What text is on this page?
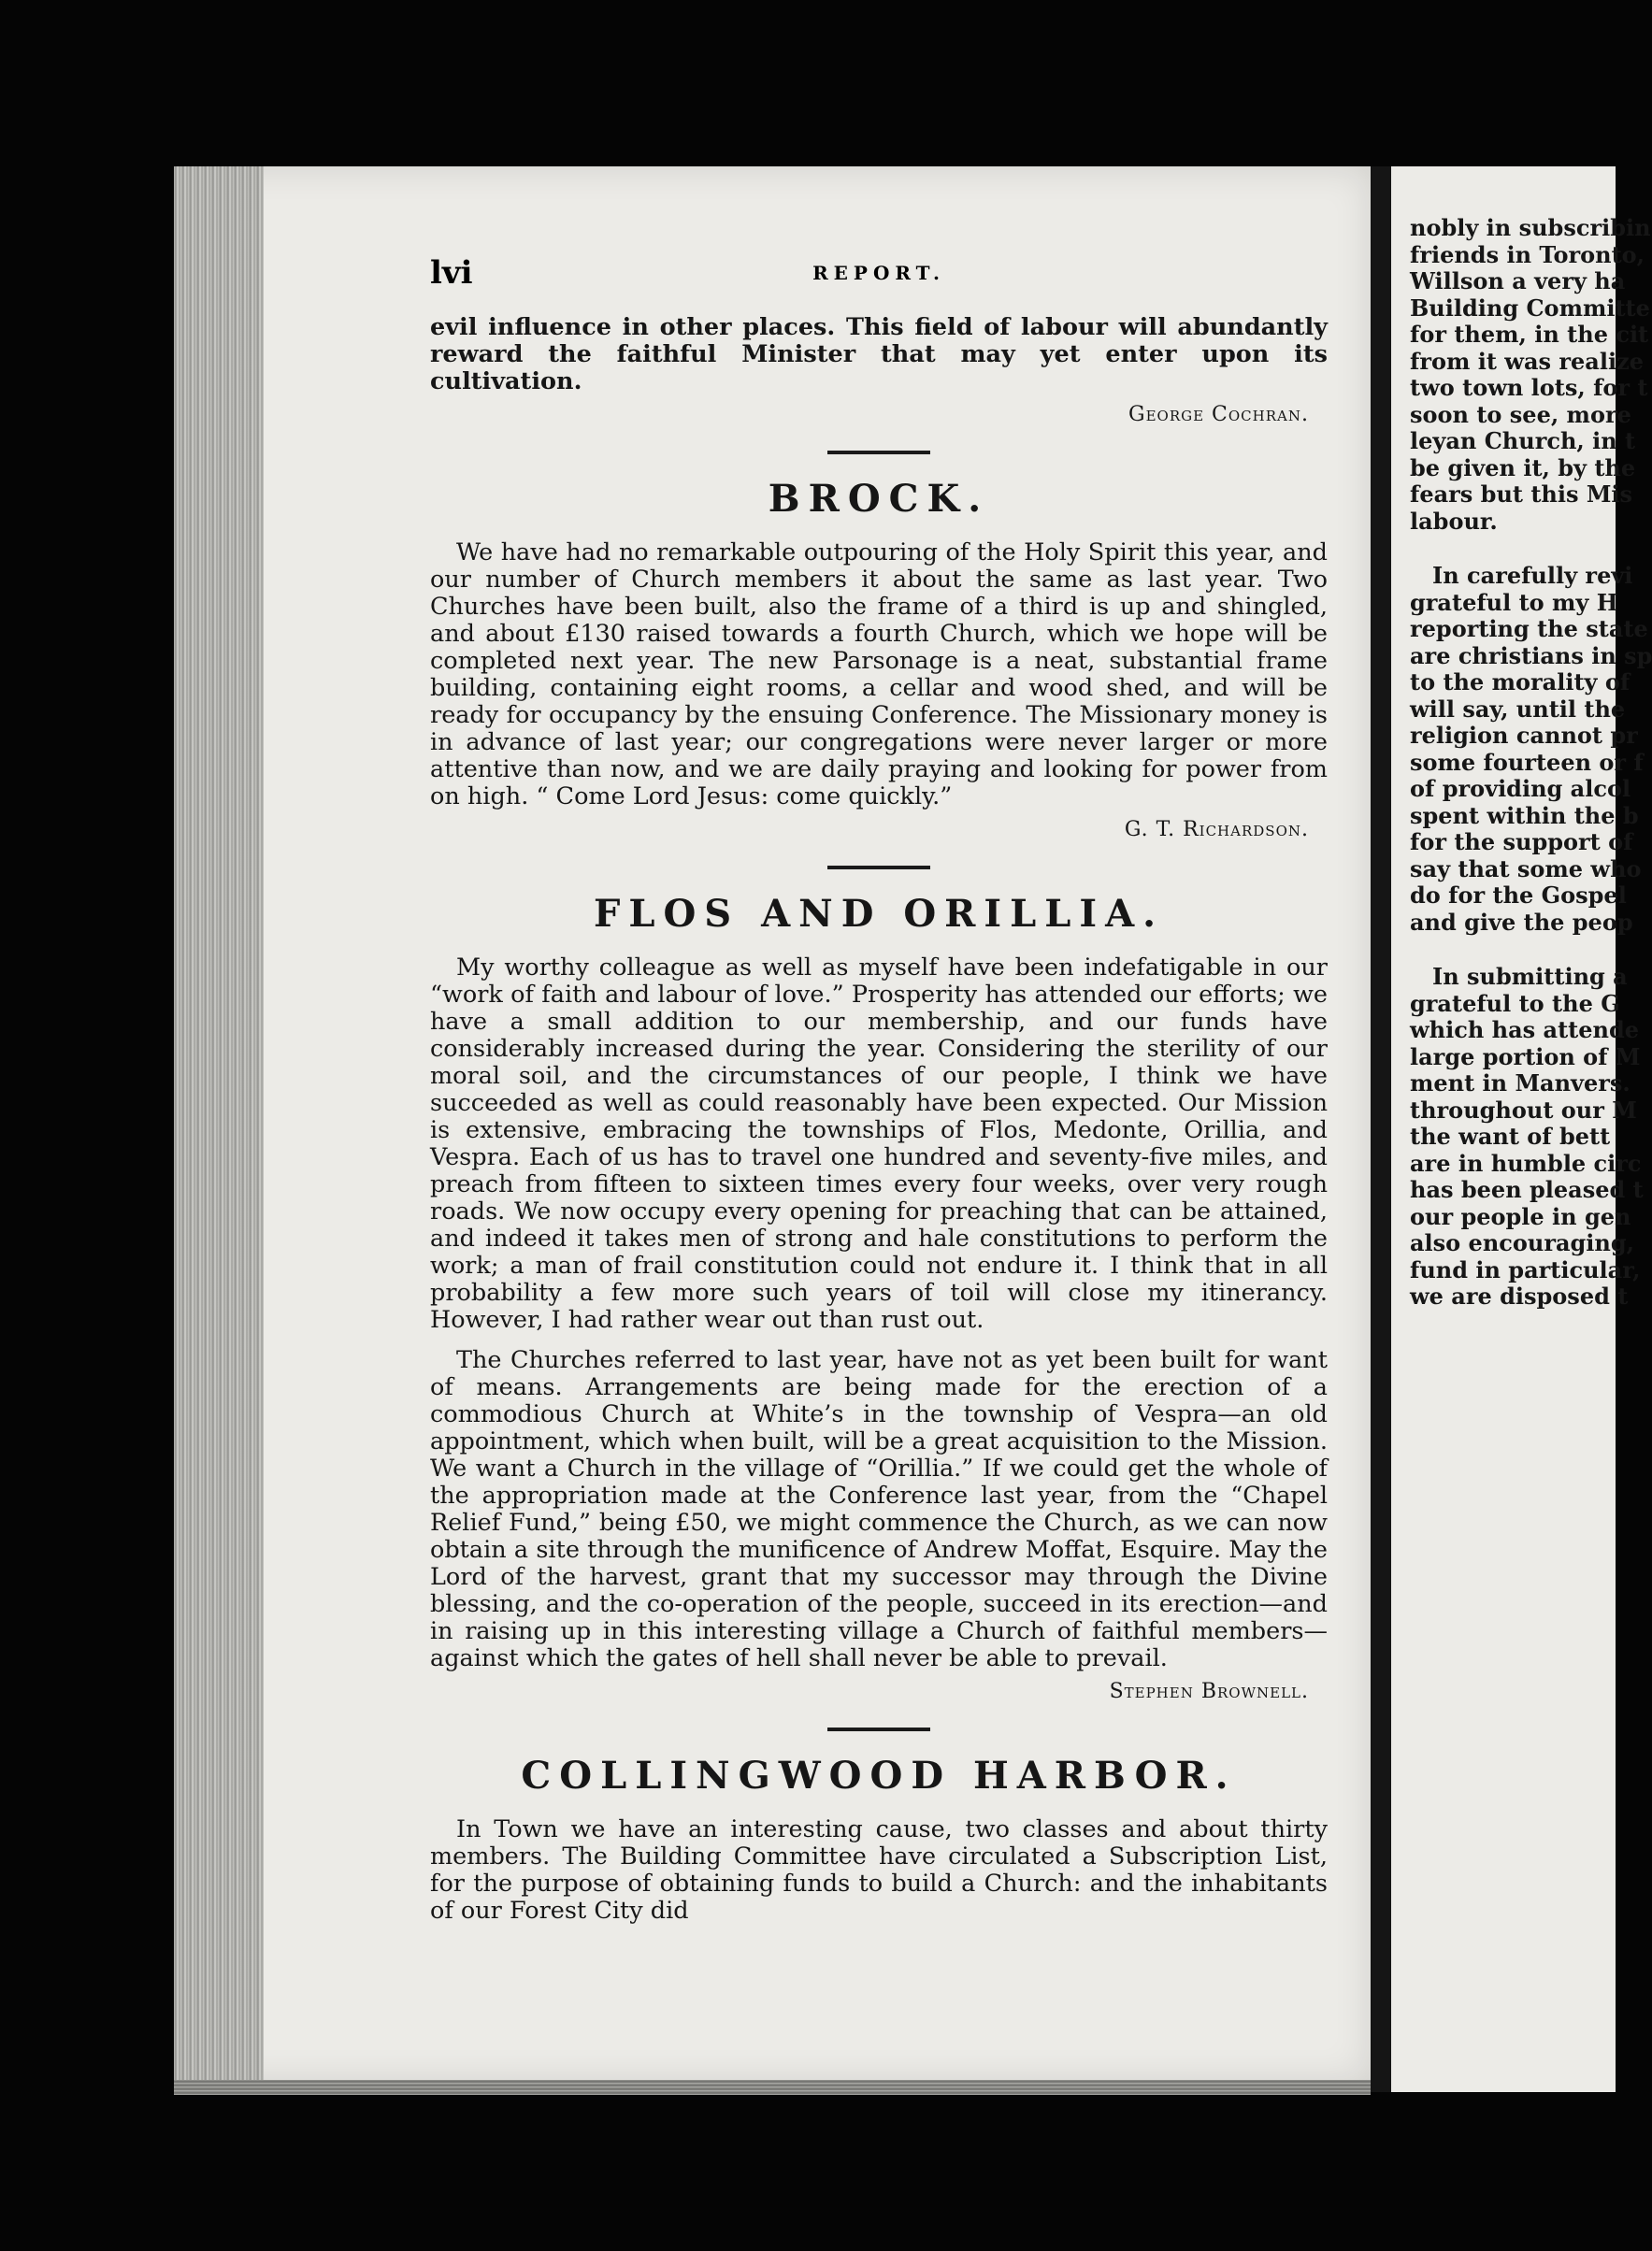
nobly in subscribin
friends in Toronto,
Willson a very ha
Building Committe
for them, in the cit
from it was realize
two town lots, for t
soon to see, more
leyan Church, in t
be given it, by the
fears but this Mis
labour.
In carefully revi
grateful to my H
reporting the state
are christians in sp
to the morality of
will say, until the
religion cannot pr
some fourteen or f
of providing alcol
spent within the b
for the support of
say that some who
do for the Gospel
and give the peop
In submitting a
grateful to the G
which has attende
large portion of M
ment in Manvers.
throughout our M
the want of bett
are in humble circ
has been pleased t
our people in gen
also encouraging,
fund in particular,
we are disposed t
lvi	REPORT.

evil influence in other places. This field of labour will abundantly reward the faithful Minister that may yet enter upon its cultivation.

George Cochran.
BROCK.

We have had no remarkable outpouring of the Holy Spirit this year, and our number of Church members it about the same as last year. Two Churches have been built, also the frame of a third is up and shingled, and about £130 raised towards a fourth Church, which we hope will be completed next year. The new Parsonage is a neat, substantial frame building, containing eight rooms, a cellar and wood shed, and will be ready for occupancy by the ensuing Conference. The Missionary money is in advance of last year; our congregations were never larger or more attentive than now, and we are daily praying and looking for power from on high. “ Come Lord Jesus: come quickly.”

G. T. Richardson.
FLOS AND ORILLIA.

My worthy colleague as well as myself have been indefatigable in our “work of faith and labour of love.” Prosperity has attended our efforts; we have a small addition to our membership, and our funds have considerably increased during the year. Considering the sterility of our moral soil, and the circumstances of our people, I think we have succeeded as well as could reasonably have been expected. Our Mission is extensive, embracing the townships of Flos, Medonte, Orillia, and Vespra. Each of us has to travel one hundred and seventy-five miles, and preach from fifteen to sixteen times every four weeks, over very rough roads. We now occupy every opening for preaching that can be attained, and indeed it takes men of strong and hale constitutions to perform the work; a man of frail constitution could not endure it. I think that in all probability a few more such years of toil will close my itinerancy. However, I had rather wear out than rust out.

The Churches referred to last year, have not as yet been built for want of means. Arrangements are being made for the erection of a commodious Church at White’s in the township of Vespra—an old appointment, which when built, will be a great acquisition to the Mission. We want a Church in the village of “Orillia.” If we could get the whole of the appropriation made at the Conference last year, from the “Chapel Relief Fund,” being £50, we might commence the Church, as we can now obtain a site through the munificence of Andrew Moffat, Esquire. May the Lord of the harvest, grant that my successor may through the Divine blessing, and the co-operation of the people, succeed in its erection—and in raising up in this interesting village a Church of faithful members—against which the gates of hell shall never be able to prevail.

Stephen Brownell.
COLLINGWOOD HARBOR.

In Town we have an interesting cause, two classes and about thirty members. The Building Committee have circulated a Subscription List, for the purpose of obtaining funds to build a Church: and the inhabitants of our Forest City did
